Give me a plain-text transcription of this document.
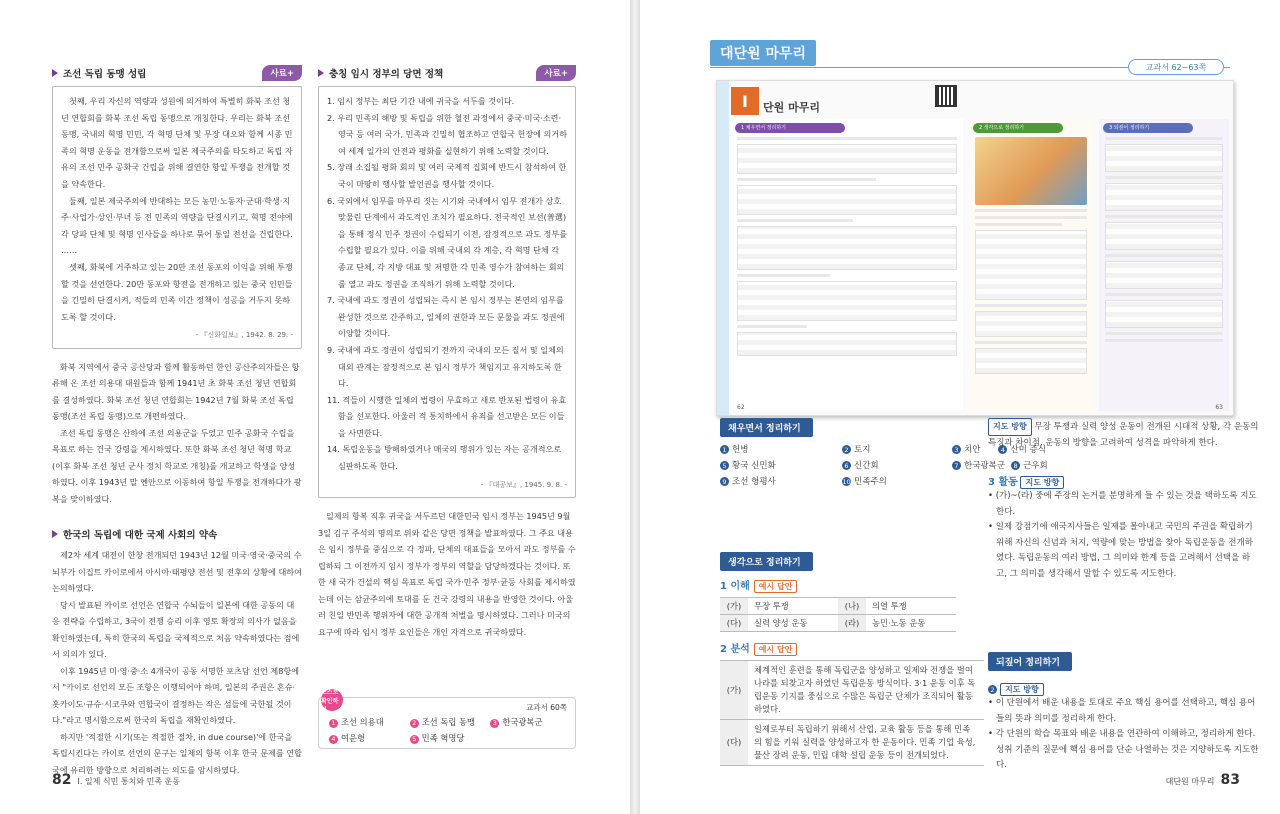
조선 독립 동맹 성립	사료+

첫째, 우리 자신의 역량과 성원에 의거하여 특별히 화북 조선 청년 연합회를 화북 조선 독립 동맹으로 개칭한다. 우리는 화북 조선 동맹, 국내의 혁명 민민, 각 혁명 단체 및 무장 대오와 함께 시종 민족의 혁명 운동을 전개함으로써 일본 제국주의를 타도하고 독립 자유의 조선 민주 공화국 건립을 위해 결연한 항일 투쟁을 전개할 것을 약속한다.

둘째, 일본 제국주의에 반대하는 모든 농민·노동자·군대·학생·지주·사업가·상인·부녀 등 전 민족의 역량을 단결시키고, 혁명 전야에 각 당파 단체 및 혁명 인사들을 하나로 묶어 통일 전선을 건립한다. ……

셋째, 화북에 거주하고 있는 20만 조선 동포의 이익을 위해 투쟁할 것을 선언한다. 20만 동포와 항전을 전개하고 있는 중국 인민들을 긴밀히 단결시켜, 적들의 민족 이간 정책이 성공을 거두지 못하도록 할 것이다.

- 『신화일보』, 1942. 8. 29. -

화북 지역에서 중국 공산당과 함께 활동하던 한인 공산주의자들은 항류해 온 조선 의용대 대원들과 함께 1941년 초 화북 조선 청년 연합회를 결성하였다. 화북 조선 청년 연합회는 1942년 7월 화북 조선 독립 동맹(조선 독립 동맹)으로 개편하였다.

조선 독립 동맹은 산하에 조선 의용군을 두었고 민주 공화국 수립을 목표로 하는 건국 강령을 제시하였다. 또한 화북 조선 청년 혁명 학교(이후 화북 조선 청년 군사 정치 학교로 개칭)를 개교하고 학생을 양성하였다. 이후 1943년 말 옌안으로 이동하여 항일 투쟁을 전개하다가 광복을 맞이하였다.

한국의 독립에 대한 국제 사회의 약속

제2차 세계 대전이 한창 전개되던 1943년 12월 미국·영국·중국의 수뇌부가 이집트 카이로에서 아시아·태평양 전선 및 전후의 상황에 대하여 논의하였다.

당시 발표된 카이로 선언은 연합국 수뇌들이 일본에 대한 공동의 대응 전략을 수립하고, 3국이 전쟁 승리 이후 영토 확장의 의사가 없음을 확인하였는데, 특히 한국의 독립을 국제적으로 처음 약속하였다는 점에서 의의가 있다.

이후 1945년 미·영·중·소 4개국이 공동 서명한 포츠담 선언 제8항에서 "카이로 선언의 모든 조항은 이행되어야 하며, 일본의 주권은 혼슈·홋카이도·규슈·시코쿠와 연합국이 결정하는 작은 섬들에 국한될 것이다."라고 명시함으로써 한국의 독립을 재확인하였다.

하지만 '적절한 시기(또는 적절한 절차, in due course)'에 한국을 독립시킨다는 카이로 선언의 문구는 일제의 항복 이후 한국 문제를 연합국에 유리한 방향으로 처리하려는 의도를 암시하였다.

충칭 임시 정부의 당면 정책	사료+
1. 임시 정부는 최단 기간 내에 귀국을 서두를 것이다.
2. 우리 민족의 해방 및 독립을 위한 혈전 과정에서 중국·미국·소련·영국 등 여러 국가, 민족과 긴밀히 협조하고 연합국 헌장에 의거하여 세계 일가의 안전과 평화를 실현하기 위해 노력할 것이다.
5. 장래 소집될 평화 회의 및 여러 국제적 집회에 반드시 참석하여 한국이 마땅히 행사할 발언권을 행사할 것이다.
6. 국외에서 임무를 마무리 짓는 시기와 국내에서 임무 전개가 상호 맞물린 단계에서 과도적인 조치가 필요하다. 전국적인 보선(普選)을 통해 정식 민주 정권이 수립되기 이전, 잠정적으로 과도 정부를 수립할 필요가 있다. 이를 위해 국내외 각 계층, 각 혁명 단체 각 종교 단체, 각 지방 대표 및 저명한 각 민족 영수가 참여하는 회의를 열고 과도 정권을 조직하기 위해 노력할 것이다.
7. 국내에 과도 정권이 성립되는 즉시 본 임시 정부는 본연의 임무를 완성한 것으로 간주하고, 일체의 권한과 모든 문물을 과도 정권에 이양할 것이다.
9. 국내에 과도 정권이 성립되기 전까지 국내의 모든 질서 및 일체의 대외 관계는 잠정적으로 본 임시 정부가 책임지고 유지하도록 한다.
11. 적들이 시행한 일체의 법령이 무효하고 새로 반포된 법령이 유효함을 선포한다. 아울러 적 통치하에서 유죄를 선고받은 모든 이들을 사면한다.
14. 독립운동을 방해하였거나 매국의 행위가 있는 자는 공개적으로 심판하도록 한다.
- 『대공보』, 1945. 9. 8. -

일제의 항복 직후 귀국을 서두르던 대한민국 임시 정부는 1945년 9월 3일 김구 주석의 명의로 위와 같은 당면 정책을 발표하였다. 그 주요 내용은 임시 정부를 중심으로 각 정파, 단체의 대표들을 모아서 과도 정부를 수립하되 그 이전까지 임시 정부가 정부의 역할을 담당하겠다는 것이다. 또한 새 국가 건설의 핵심 목표로 독립 국가·민주 정부·균등 사회를 제시하였는데 이는 삼균주의에 토대를 둔 건국 강령의 내용을 반영한 것이다. 아울러 친일 반민족 행위자에 대한 공개적 처벌을 명시하였다. 그러나 미국의 요구에 따라 임시 정부 요인들은 개인 자격으로 귀국하였다.

스스로 확인하기	교과서 60쪽
1 조선 의용대	2 조선 독립 동맹	3 한국광복군
4 여운형	5 민족 혁명당
82 I. 일제 식민 통치와 민족 운동
대단원 마무리
교과서 62~63쪽
I	단원 마무리
1 채우면서 정리하기	2 생각으로 정리하기	3 되짚어 정리하기
62	63
채우면서 정리하기
1 헌병	2 토지	3 치안	4 산미 증식
5 황국 신민화	6 신간회	7 한국광복군 8 근우회
9 조선 형평사	10 민족주의
생각으로 정리하기
1 이해 예시 답안
(가)	무장 투쟁	(나)	의열 투쟁
(다)	실력 양성 운동	(라)	농민·노동 운동
2 분석 예시 답안
(가)	체계적인 훈련을 통해 독립군을 양성하고 일제와 전쟁을 벌여 나라를 되찾고자 하였던 독립운동 방식이다. 3·1 운동 이후 독립운동 기지를 중심으로 수많은 독립군 단체가 조직되어 활동하였다.
(다)	일제로부터 독립하기 위해서 산업, 교육 활동 등을 통해 민족의 힘을 키워 실력을 양성하고자 한 운동이다. 민족 기업 육성, 물산 장려 운동, 민립 대학 설립 운동 등이 전개되었다.
지도 방향 무장 투쟁과 실력 양성 운동이 전개된 시대적 상황, 각 운동의 특징과 차이점, 운동의 방향을 고려하여 성격을 파악하게 한다.
3 활동 지도 방향
• (가)~(라) 중에 주장의 논거를 분명하게 들 수 있는 것을 택하도록 지도한다.
• 일제 강점기에 애국지사들은 일제를 몰아내고 국민의 주권을 확립하기 위해 자신의 신념과 처지, 역량에 맞는 방법을 찾아 독립운동을 전개하였다. 독립운동의 여러 방법, 그 의미와 한계 등을 고려해서 선택을 하고, 그 의미를 생각해서 말할 수 있도록 지도한다.
되짚어 정리하기
2 지도 방향
• 이 단원에서 배운 내용을 토대로 주요 핵심 용어를 선택하고, 핵심 용어들의 뜻과 의미를 정리하게 한다.
• 각 단원의 학습 목표와 배운 내용을 연관하여 이해하고, 정리하게 한다. 성취 기준의 질문에 핵심 용어를 단순 나열하는 것은 지양하도록 지도한다.
대단원 마무리 83
